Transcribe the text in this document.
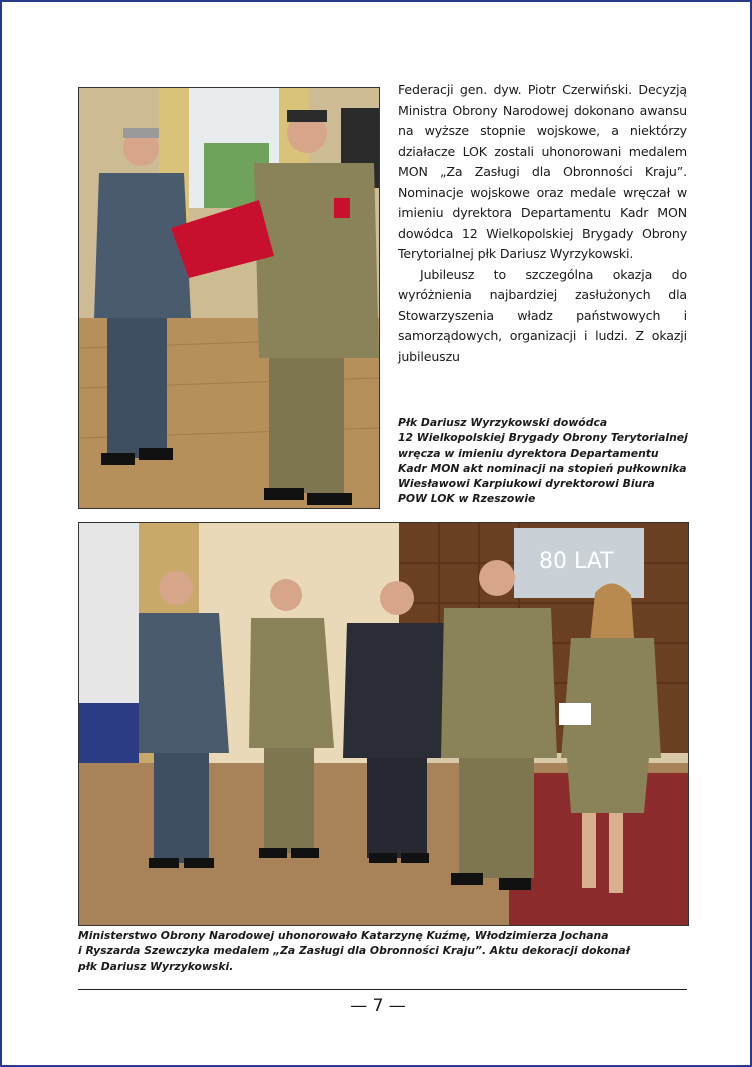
Federacji gen. dyw. Piotr Czerwiński. Decyzją Ministra Obrony Narodowej dokonano awansu na wyższe stopnie wojskowe, a niektórzy działacze LOK zostali uhonorowani medalem MON „Za Zasługi dla Obronności Kraju”. Nominacje wojskowe oraz medale wręczał w imieniu dyrektora Departamentu Kadr MON dowódca 12 Wielkopolskiej Brygady Obrony Terytorialnej płk Dariusz Wyrzykowski.

Jubileusz to szczególna okazja do wyróżnienia najbardziej zasłużonych dla Stowarzyszenia władz państwowych i samorządowych, organizacji i ludzi. Z okazji jubileuszu

Płk Dariusz Wyrzykowski dowódca
12 Wielkopolskiej Brygady Obrony Terytorialnej
wręcza w imieniu dyrektora Departamentu
Kadr MON akt nominacji na stopień pułkownika
Wiesławowi Karpiukowi dyrektorowi Biura
POW LOK w Rzeszowie
80 LAT
Ministerstwo Obrony Narodowej uhonorowało Katarzynę Kuźmę, Włodzimierza Jochana
i Ryszarda Szewczyka medalem „Za Zasługi dla Obronności Kraju”. Aktu dekoracji dokonał
płk Dariusz Wyrzykowski.
— 7 —
